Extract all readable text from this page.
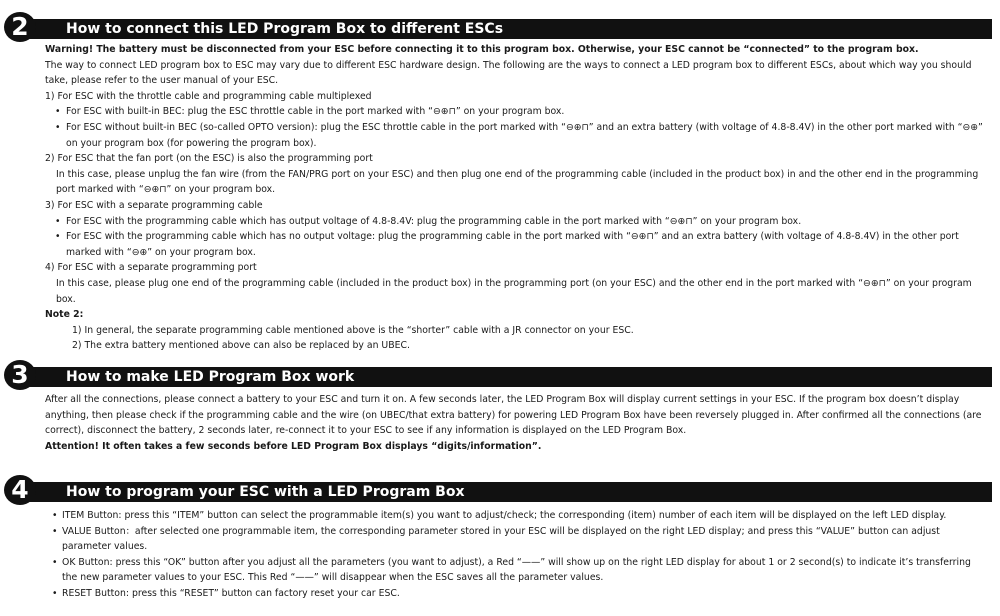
2	How to connect this LED Program Box to different ESCs
Warning! The battery must be disconnected from your ESC before connecting it to this program box. Otherwise, your ESC cannot be “connected” to the program box.
The way to connect LED program box to ESC may vary due to different ESC hardware design. The following are the ways to connect a LED program box to different ESCs, about which way you should take, please refer to the user manual of your ESC.
1) For ESC with the throttle cable and programming cable multiplexed
• For ESC with built-in BEC: plug the ESC throttle cable in the port marked with “⊖⊕⊓” on your program box.
• For ESC without built-in BEC (so-called OPTO version): plug the ESC throttle cable in the port marked with “⊖⊕⊓” and an extra battery (with voltage of 4.8-8.4V) in the other port marked with “⊖⊕” on your program box (for powering the program box).
2) For ESC that the fan port (on the ESC) is also the programming port
In this case, please unplug the fan wire (from the FAN/PRG port on your ESC) and then plug one end of the programming cable (included in the product box) in and the other end in the programming port marked with “⊖⊕⊓” on your program box.
3) For ESC with a separate programming cable
• For ESC with the programming cable which has output voltage of 4.8-8.4V: plug the programming cable in the port marked with “⊖⊕⊓” on your program box.
• For ESC with the programming cable which has no output voltage: plug the programming cable in the port marked with “⊖⊕⊓” and an extra battery (with voltage of 4.8-8.4V) in the other port marked with “⊖⊕” on your program box.
4) For ESC with a separate programming port
In this case, please plug one end of the programming cable (included in the product box) in the programming port (on your ESC) and the other end in the port marked with “⊖⊕⊓” on your program box.
Note 2:
1) In general, the separate programming cable mentioned above is the “shorter” cable with a JR connector on your ESC.
2) The extra battery mentioned above can also be replaced by an UBEC.
3	How to make LED Program Box work
After all the connections, please connect a battery to your ESC and turn it on. A few seconds later, the LED Program Box will display current settings in your ESC. If the program box doesn’t display anything, then please check if the programming cable and the wire (on UBEC/that extra battery) for powering LED Program Box have been reversely plugged in. After confirmed all the connections (are correct), disconnect the battery, 2 seconds later, re-connect it to your ESC to see if any information is displayed on the LED Program Box.
Attention! It often takes a few seconds before LED Program Box displays “digits/information”.
4	How to program your ESC with a LED Program Box
• ITEM Button: press this “ITEM” button can select the programmable item(s) you want to adjust/check; the corresponding (item) number of each item will be displayed on the left LED display.
• VALUE Button：after selected one programmable item, the corresponding parameter stored in your ESC will be displayed on the right LED display; and press this “VALUE” button can adjust parameter values.
• OK Button: press this “OK” button after you adjust all the parameters (you want to adjust), a Red “——” will show up on the right LED display for about 1 or 2 second(s) to indicate it’s transferring the new parameter values to your ESC. This Red “——” will disappear when the ESC saves all the parameter values.
• RESET Button: press this “RESET” button can factory reset your car ESC.
